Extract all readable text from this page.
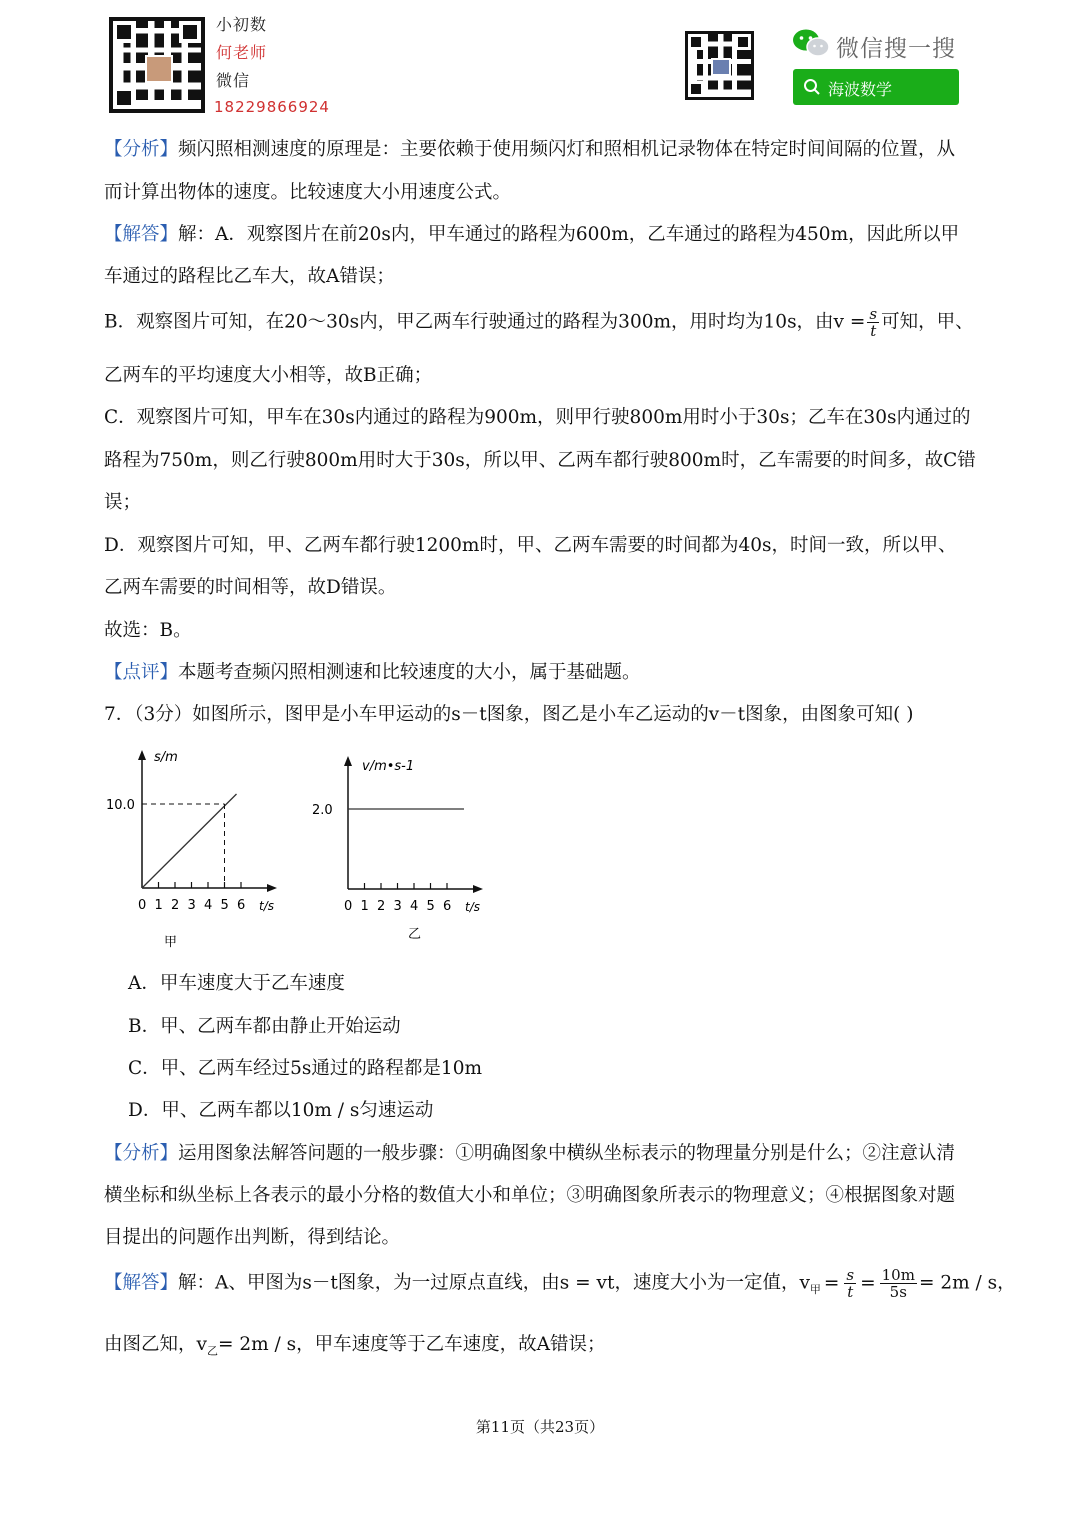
小初数
何老师
微信
18229866924
微信搜一搜
海波数学
【分析】频闪照相测速度的原理是：主要依赖于使用频闪灯和照相机记录物体在特定时间间隔的位置，从
而计算出物体的速度。比较速度大小用速度公式。
【解答】解：A．观察图片在前20s内，甲车通过的路程为600m，乙车通过的路程为450m，因此所以甲
车通过的路程比乙车大，故A错误；
B．观察图片可知，在20～30s内，甲乙两车行驶通过的路程为300m，用时均为10s，由$v = \frac{s}{t}$ 可知，甲、
乙两车的平均速度大小相等，故B正确；
C．观察图片可知，甲车在30s内通过的路程为900m，则甲行驶800m用时小于30s；乙车在30s内通过的
路程为750m，则乙行驶800m用时大于30s，所以甲、乙两车都行驶800m时，乙车需要的时间多，故C错
误；
D．观察图片可知，甲、乙两车都行驶1200m时，甲、乙两车需要的时间都为40s，时间一致，所以甲、
乙两车需要的时间相等，故D错误。
故选：B。
【点评】本题考查频闪照相测速和比较速度的大小，属于基础题。
7．（3分）如图所示，图甲是小车甲运动的s－t图象，图乙是小车乙运动的v－t图象，由图象可知( )
0 1 2 3 4 5 6 t/s
s/m
10.0
甲
0 1 2 3 4 5 6 t/s
v/m•s-1
2.0
乙
A．甲车速度大于乙车速度
B．甲、乙两车都由静止开始运动
C．甲、乙两车经过5s通过的路程都是10m
D．甲、乙两车都以10m / s匀速运动
【分析】运用图象法解答问题的一般步骤：①明确图象中横纵坐标表示的物理量分别是什么；②注意认清
横坐标和纵坐标上各表示的最小分格的数值大小和单位；③明确图象所表示的物理意义；④根据图象对题
目提出的问题作出判断，得到结论。
【解答】解：A、甲图为s－t图象，为一过原点直线，由s = vt，速度大小为一定值，$v_甲 = \frac{s}{t} = \frac{10m}{5s} = 2m / s$，
由图乙知，$v_乙= 2m / s$，甲车速度等于乙车速度，故A错误；
第11页（共23页）
